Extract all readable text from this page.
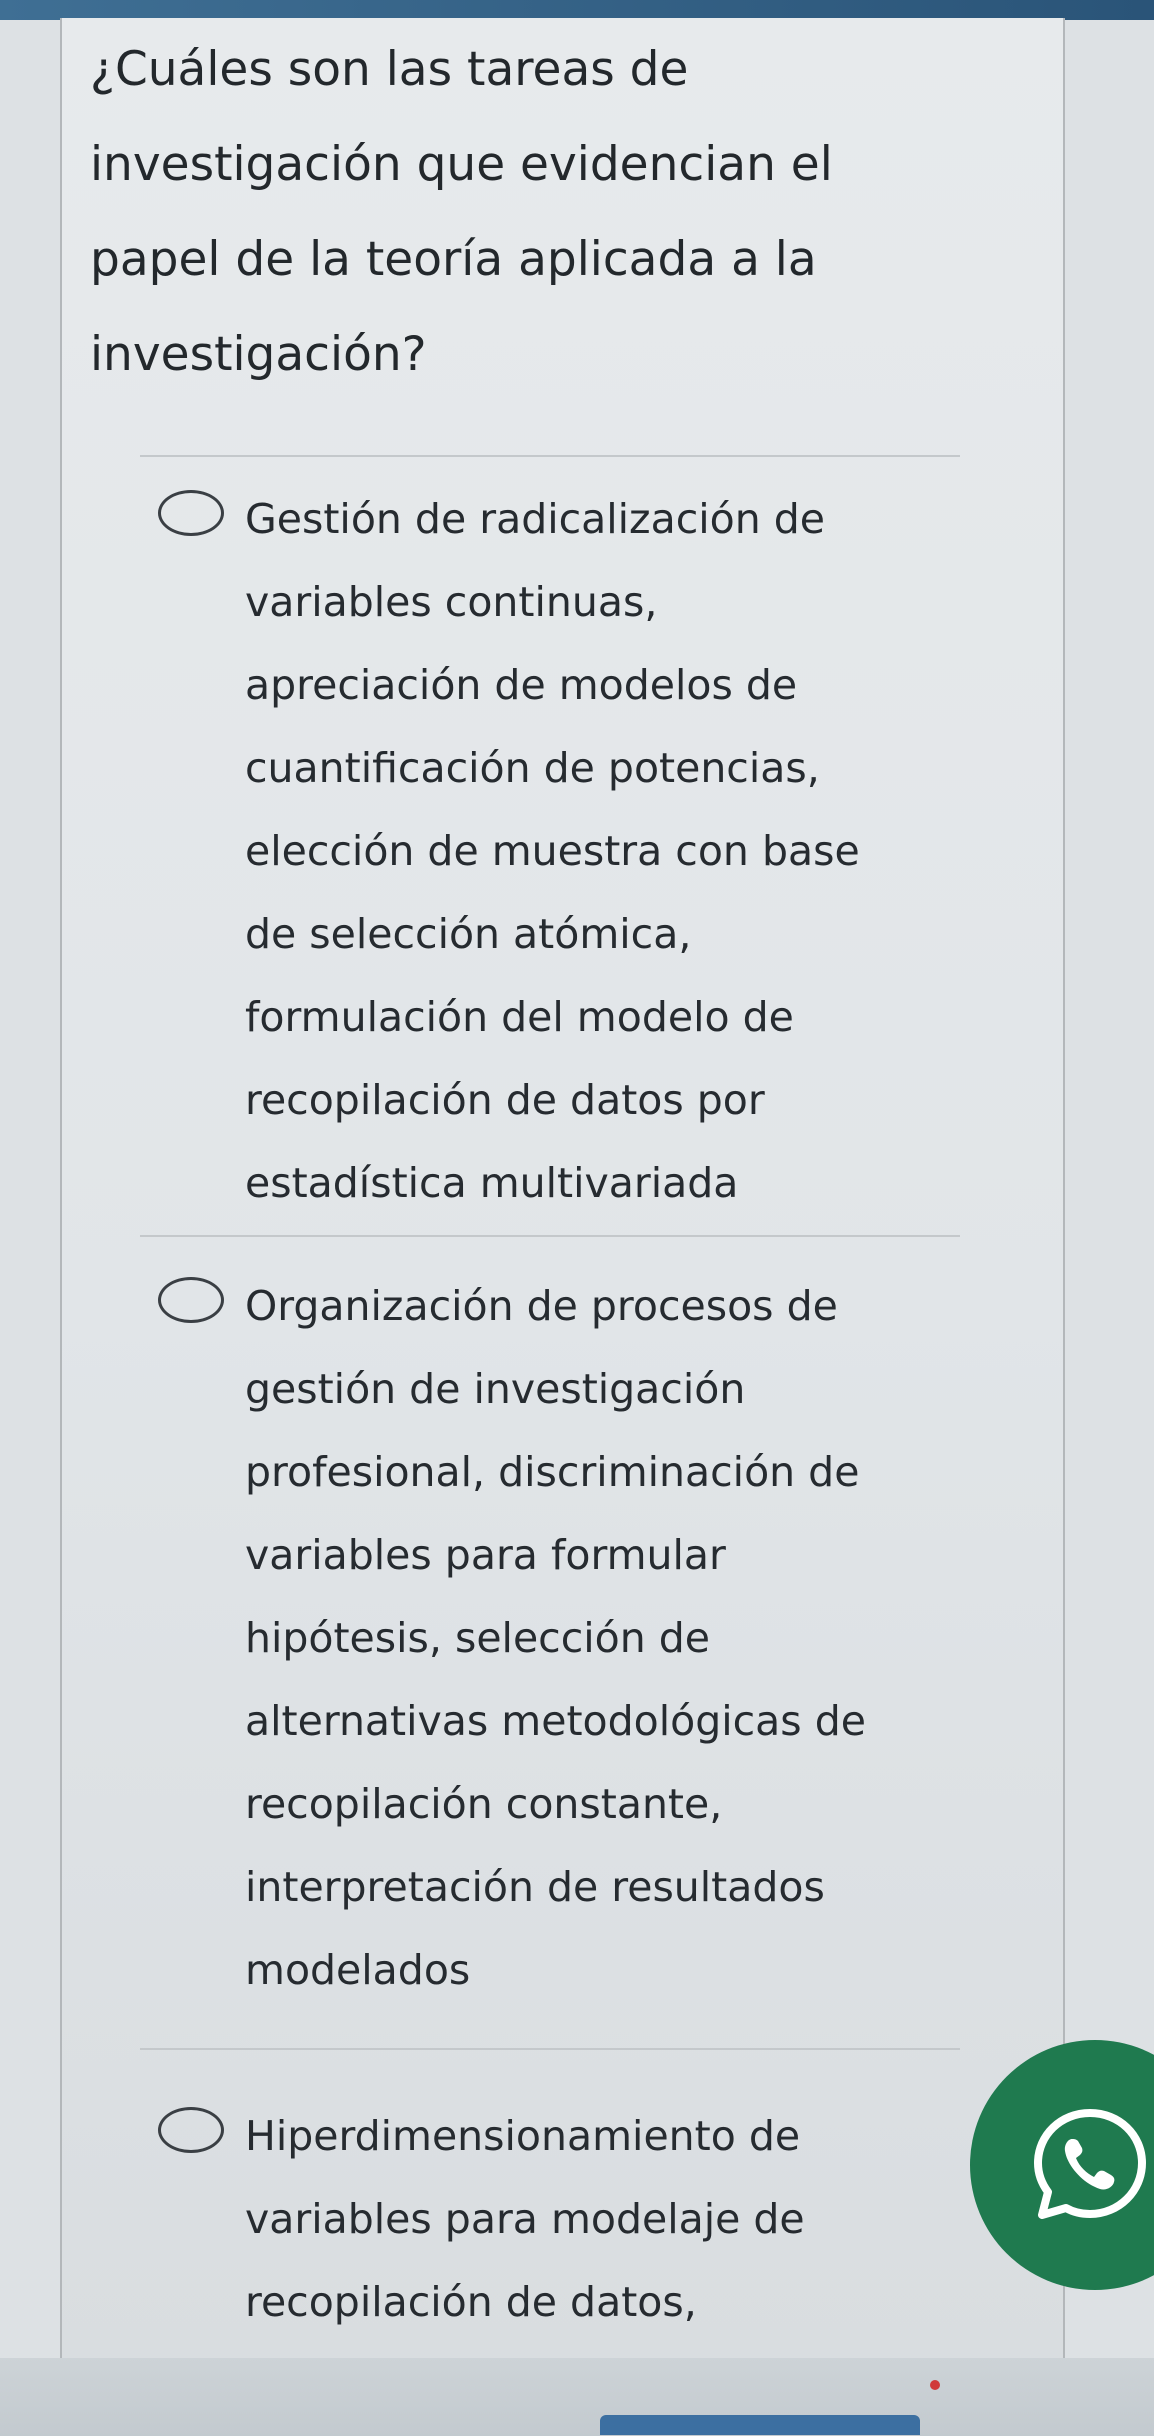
¿Cuáles son las tareas de
investigación que evidencian el
papel de la teoría aplicada a la
investigación?
Gestión de radicalización de
variables continuas,
apreciación de modelos de
cuantificación de potencias,
elección de muestra con base
de selección atómica,
formulación del modelo de
recopilación de datos por
estadística multivariada
Organización de procesos de
gestión de investigación
profesional, discriminación de
variables para formular
hipótesis, selección de
alternativas metodológicas de
recopilación constante,
interpretación de resultados
modelados
Hiperdimensionamiento de
variables para modelaje de
recopilación de datos,
